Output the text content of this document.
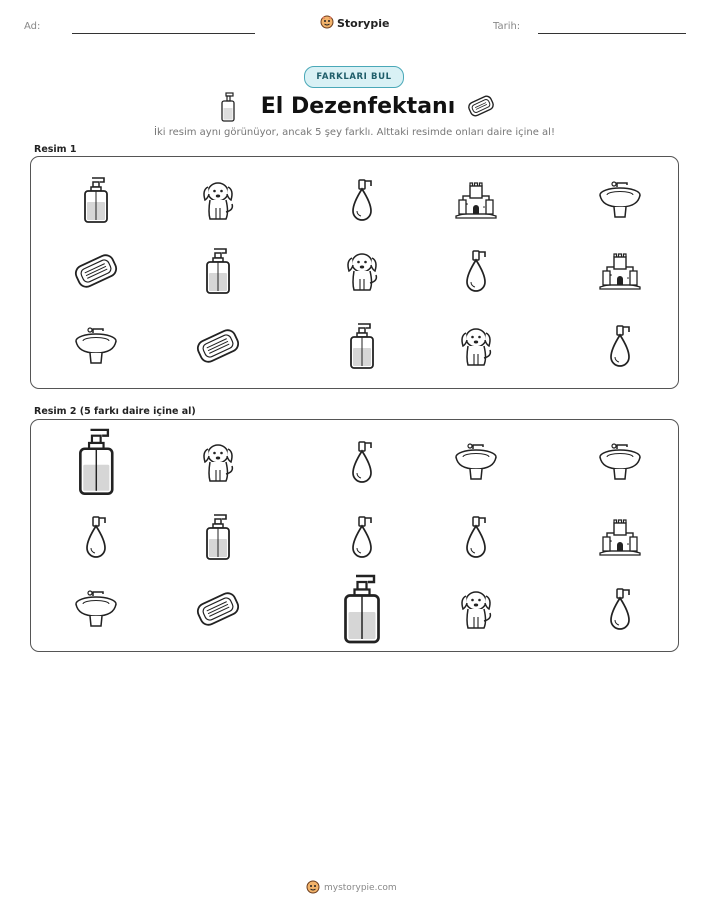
Ad:	Storypie	Tarih:
FARKLARI BUL
El Dezenfektanı
İki resim aynı görünüyor, ancak 5 şey farklı. Alttaki resimde onları daire içine al!
Resim 1
Resim 2 (5 farkı daire içine al)
mystorypie.com
